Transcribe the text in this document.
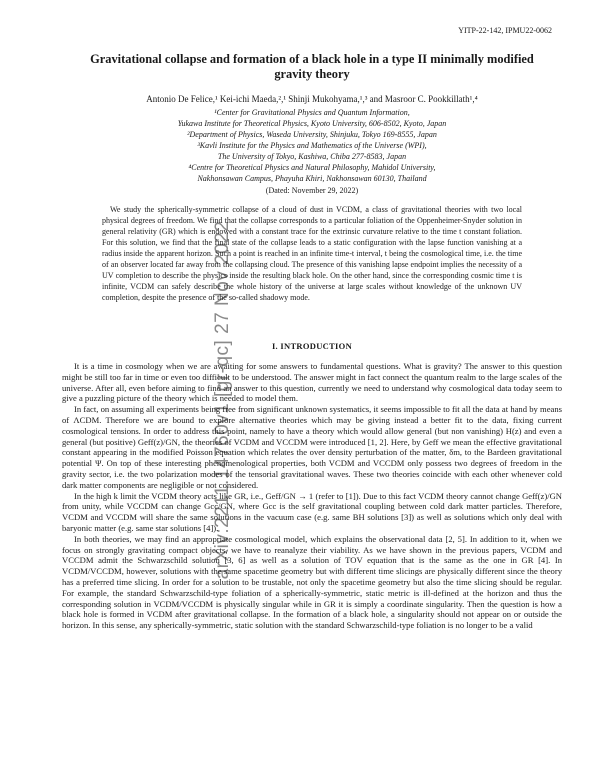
YITP-22-142, IPMU22-0062
arXiv:2211.14760v1 [gr-qc] 27 Nov 2022
Gravitational collapse and formation of a black hole in a type II minimally modified gravity theory
Antonio De Felice,¹ Kei-ichi Maeda,²,¹ Shinji Mukohyama,¹,³ and Masroor C. Pookkillath¹,⁴
¹Center for Gravitational Physics and Quantum Information,
Yukawa Institute for Theoretical Physics, Kyoto University, 606-8502, Kyoto, Japan
²Department of Physics, Waseda University, Shinjuku, Tokyo 169-8555, Japan
³Kavli Institute for the Physics and Mathematics of the Universe (WPI),
The University of Tokyo, Kashiwa, Chiba 277-8583, Japan
⁴Centre for Theoretical Physics and Natural Philosophy, Mahidol University,
Nakhonsawan Campus, Phayuha Khiri, Nakhonsawan 60130, Thailand
(Dated: November 29, 2022)
We study the spherically-symmetric collapse of a cloud of dust in VCDM, a class of gravitational theories with two local physical degrees of freedom. We find that the collapse corresponds to a particular foliation of the Oppenheimer-Snyder solution in general relativity (GR) which is endowed with a constant trace for the extrinsic curvature relative to the time t constant foliation. For this solution, we find that the final state of the collapse leads to a static configuration with the lapse function vanishing at a radius inside the apparent horizon. Such a point is reached in an infinite time-t interval, t being the cosmological time, i.e. the time of an observer located far away from the collapsing cloud. The presence of this vanishing lapse endpoint implies the necessity of a UV completion to describe the physics inside the resulting black hole. On the other hand, since the corresponding cosmic time t is infinite, VCDM can safely describe the whole history of the universe at large scales without knowledge of the unknown UV completion, despite the presence of the so-called shadowy mode.
I. INTRODUCTION

It is a time in cosmology when we are awaiting for some answers to fundamental questions. What is gravity? The answer to this question might be still too far in time or even too difficult to be understood. The answer might in fact connect the quantum realm to the large scales of the universe. After all, even before aiming to find an answer to this question, currently we need to understand why cosmological data today seem to give a puzzling picture of the theory which is needed to model them.

In fact, on assuming all experiments being free from significant unknown systematics, it seems impossible to fit all the data at hand by means of ΛCDM. Therefore we are bound to explore alternative theories which may be giving instead a better fit to the data, fixing current cosmological tensions. In order to address this point, namely to have a theory which would allow general (but non vanishing) H(z) and even a general (but positive) Geff(z)/GN, the theories of VCDM and VCCDM were introduced [1, 2]. Here, by Geff we mean the effective gravitational constant appearing in the modified Poisson equation which relates the over density perturbation of the matter, δm, to the Bardeen gravitational potential Ψ. On top of these interesting phenomenological properties, both VCDM and VCCDM only possess two degrees of freedom in the gravity sector, i.e. the two polarization modes of the tensorial gravitational waves. These two theories coincide with each other whenever cold dark matter components are negligible or not considered.

In the high k limit the VCDM theory acts like GR, i.e., Geff/GN → 1 (refer to [1]). Due to this fact VCDM theory cannot change Geff(z)/GN from unity, while VCCDM can change Gcc/GN, where Gcc is the self gravitational coupling between cold dark matter particles. Therefore, VCDM and VCCDM will share the same solutions in the vacuum case (e.g. same BH solutions [3]) as well as solutions which only deal with baryonic matter (e.g. same star solutions [4]).

In both theories, we may find an appropriate cosmological model, which explains the observational data [2, 5]. In addition to it, when we focus on strongly gravitating compact objects, we have to reanalyze their viability. As we have shown in the previous papers, VCDM and VCCDM admit the Schwarzschild solution [3, 6] as well as a solution of TOV equation that is the same as the one in GR [4]. In VCDM/VCCDM, however, solutions with the same spacetime geometry but with different time slicings are physically different since the theory has a preferred time slicing. In order for a solution to be trustable, not only the spacetime geometry but also the time slicing should be regular. For example, the standard Schwarzschild-type foliation of a spherically-symmetric, static metric is ill-defined at the horizon and thus the corresponding solution in VCDM/VCCDM is physically singular while in GR it is simply a coordinate singularity. Then the question is how a black hole is formed in VCDM after gravitational collapse. In the formation of a black hole, a singularity should not appear on or outside the horizon. In this sense, any spherically-symmetric, static solution with the standard Schwarzschild-type foliation is no longer to be a valid
